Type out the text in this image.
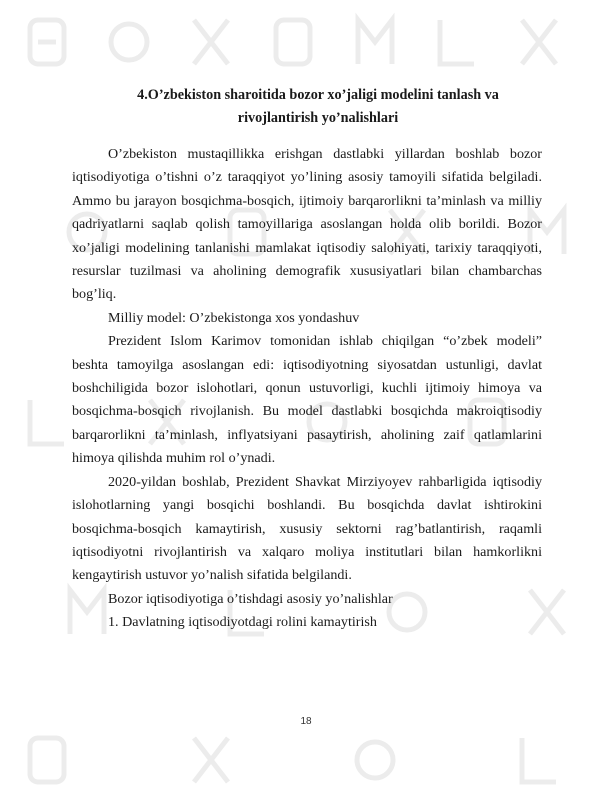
4.O’zbekiston sharoitida bozor xo’jaligi modelini tanlash va
rivojlantirish yo’nalishlari

O’zbekiston mustaqillikka erishgan dastlabki yillardan boshlab bozor iqtisodiyotiga o’tishni o’z taraqqiyot yo’lining asosiy tamoyili sifatida belgiladi. Ammo bu jarayon bosqichma-bosqich, ijtimoiy barqarorlikni ta’minlash va milliy qadriyatlarni saqlab qolish tamoyillariga asoslangan holda olib borildi. Bozor xo’jaligi modelining tanlanishi mamlakat iqtisodiy salohiyati, tarixiy taraqqiyoti, resurslar tuzilmasi va aholining demografik xususiyatlari bilan chambarchas bog’liq.

Milliy model: O’zbekistonga xos yondashuv

Prezident Islom Karimov tomonidan ishlab chiqilgan “o’zbek modeli” beshta tamoyilga asoslangan edi: iqtisodiyotning siyosatdan ustunligi, davlat boshchiligida bozor islohotlari, qonun ustuvorligi, kuchli ijtimoiy himoya va bosqichma-bosqich rivojlanish. Bu model dastlabki bosqichda makroiqtisodiy barqarorlikni ta’minlash, inflyatsiyani pasaytirish, aholining zaif qatlamlarini himoya qilishda muhim rol o’ynadi.

2020-yildan boshlab, Prezident Shavkat Mirziyoyev rahbarligida iqtisodiy islohotlarning yangi bosqichi boshlandi. Bu bosqichda davlat ishtirokini bosqichma-bosqich kamaytirish, xususiy sektorni rag’batlantirish, raqamli iqtisodiyotni rivojlantirish va xalqaro moliya institutlari bilan hamkorlikni kengaytirish ustuvor yo’nalish sifatida belgilandi.

Bozor iqtisodiyotiga o’tishdagi asosiy yo’nalishlar

1. Davlatning iqtisodiyotdagi rolini kamaytirish

18
